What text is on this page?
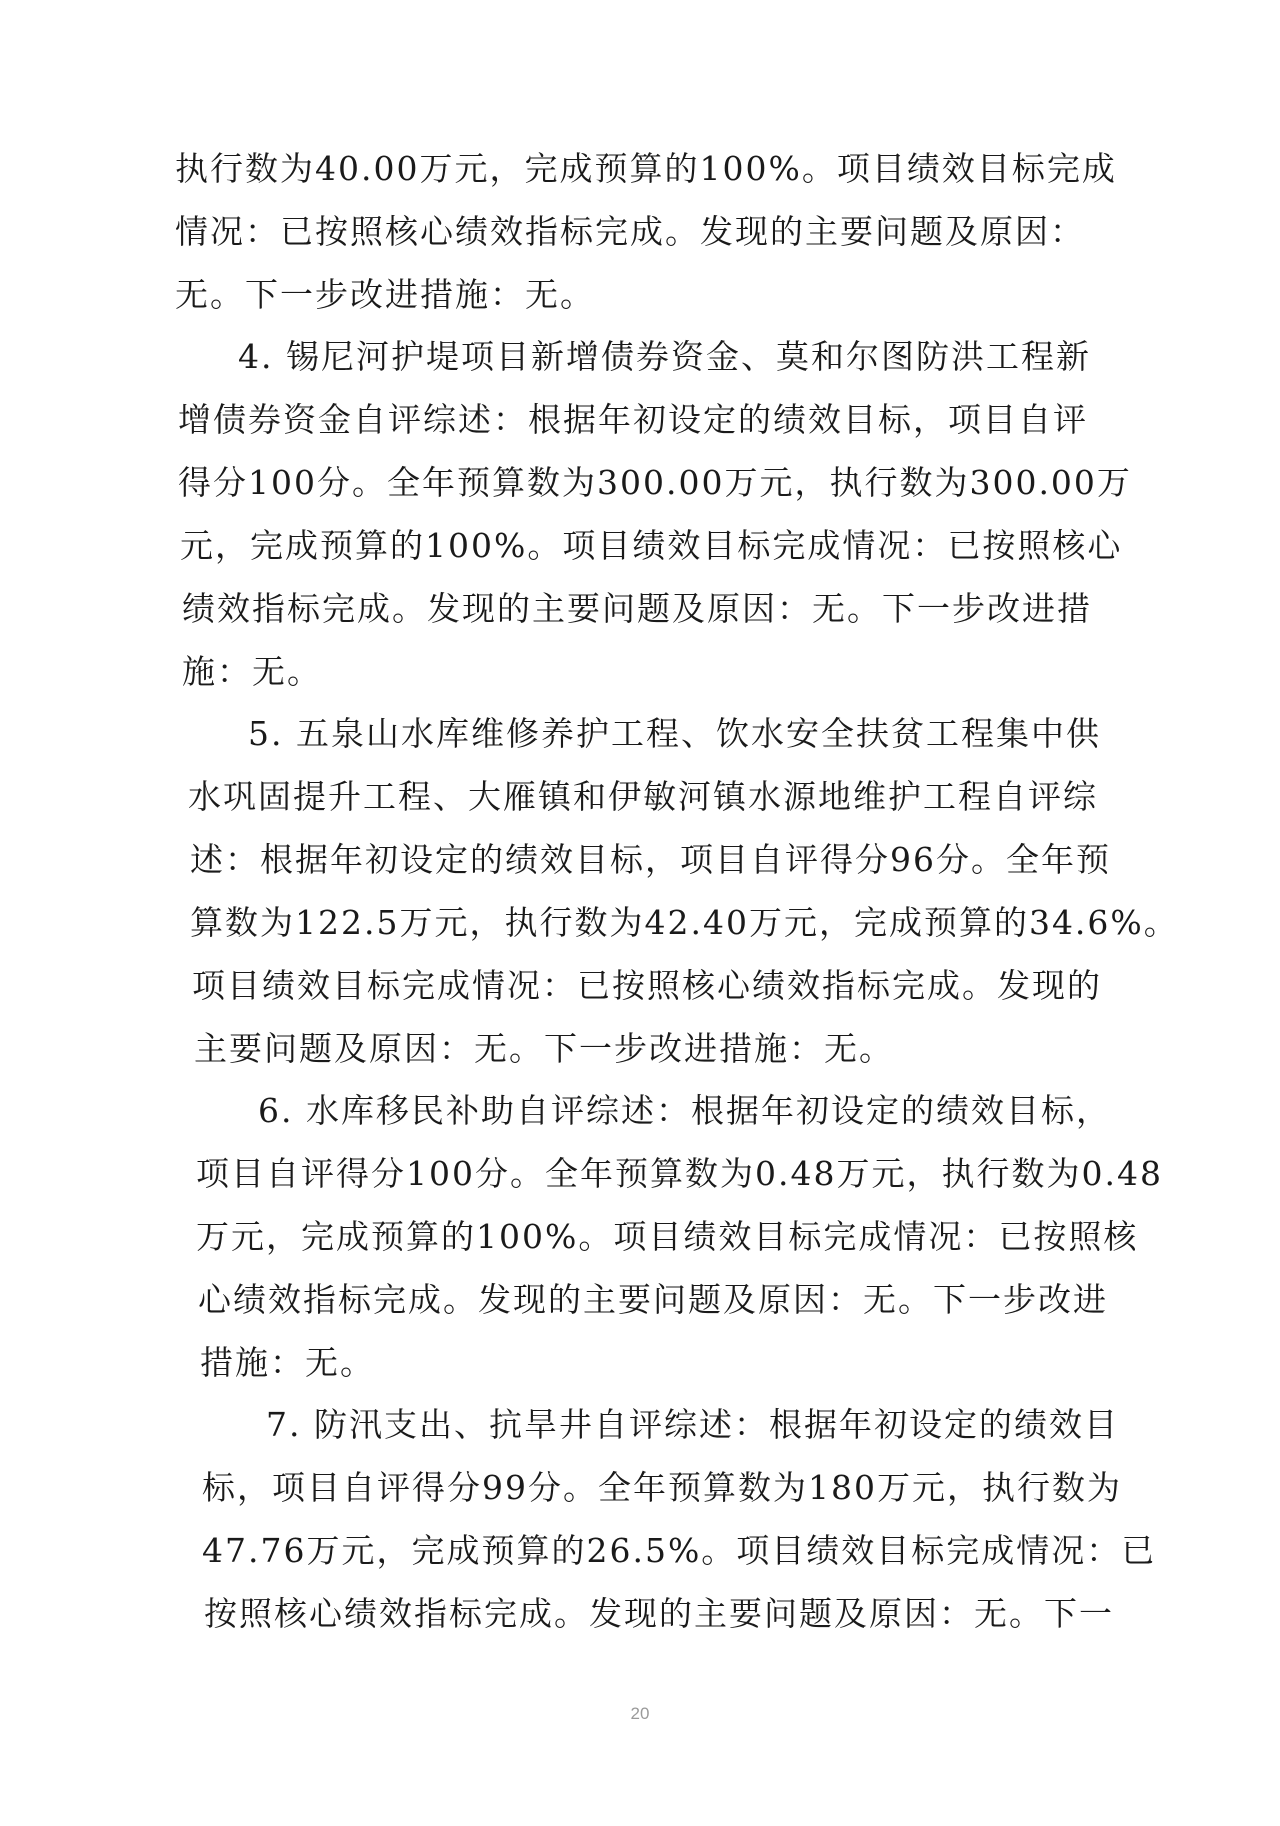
执行数为40.00万元，完成预算的100%。项目绩效目标完成
情况：已按照核心绩效指标完成。发现的主要问题及原因：
无。下一步改进措施：无。
4. 锡尼河护堤项目新增债券资金、莫和尔图防洪工程新
增债券资金自评综述：根据年初设定的绩效目标，项目自评
得分100分。全年预算数为300.00万元，执行数为300.00万
元，完成预算的100%。项目绩效目标完成情况：已按照核心
绩效指标完成。发现的主要问题及原因：无。下一步改进措
施：无。
5. 五泉山水库维修养护工程、饮水安全扶贫工程集中供
水巩固提升工程、大雁镇和伊敏河镇水源地维护工程自评综
述：根据年初设定的绩效目标，项目自评得分96分。全年预
算数为122.5万元，执行数为42.40万元，完成预算的34.6%。
项目绩效目标完成情况：已按照核心绩效指标完成。发现的
主要问题及原因：无。下一步改进措施：无。
6. 水库移民补助自评综述：根据年初设定的绩效目标，
项目自评得分100分。全年预算数为0.48万元，执行数为0.48
万元，完成预算的100%。项目绩效目标完成情况：已按照核
心绩效指标完成。发现的主要问题及原因：无。下一步改进
措施：无。
7. 防汛支出、抗旱井自评综述：根据年初设定的绩效目
标，项目自评得分99分。全年预算数为180万元，执行数为
47.76万元，完成预算的26.5%。项目绩效目标完成情况：已
按照核心绩效指标完成。发现的主要问题及原因：无。下一
20
